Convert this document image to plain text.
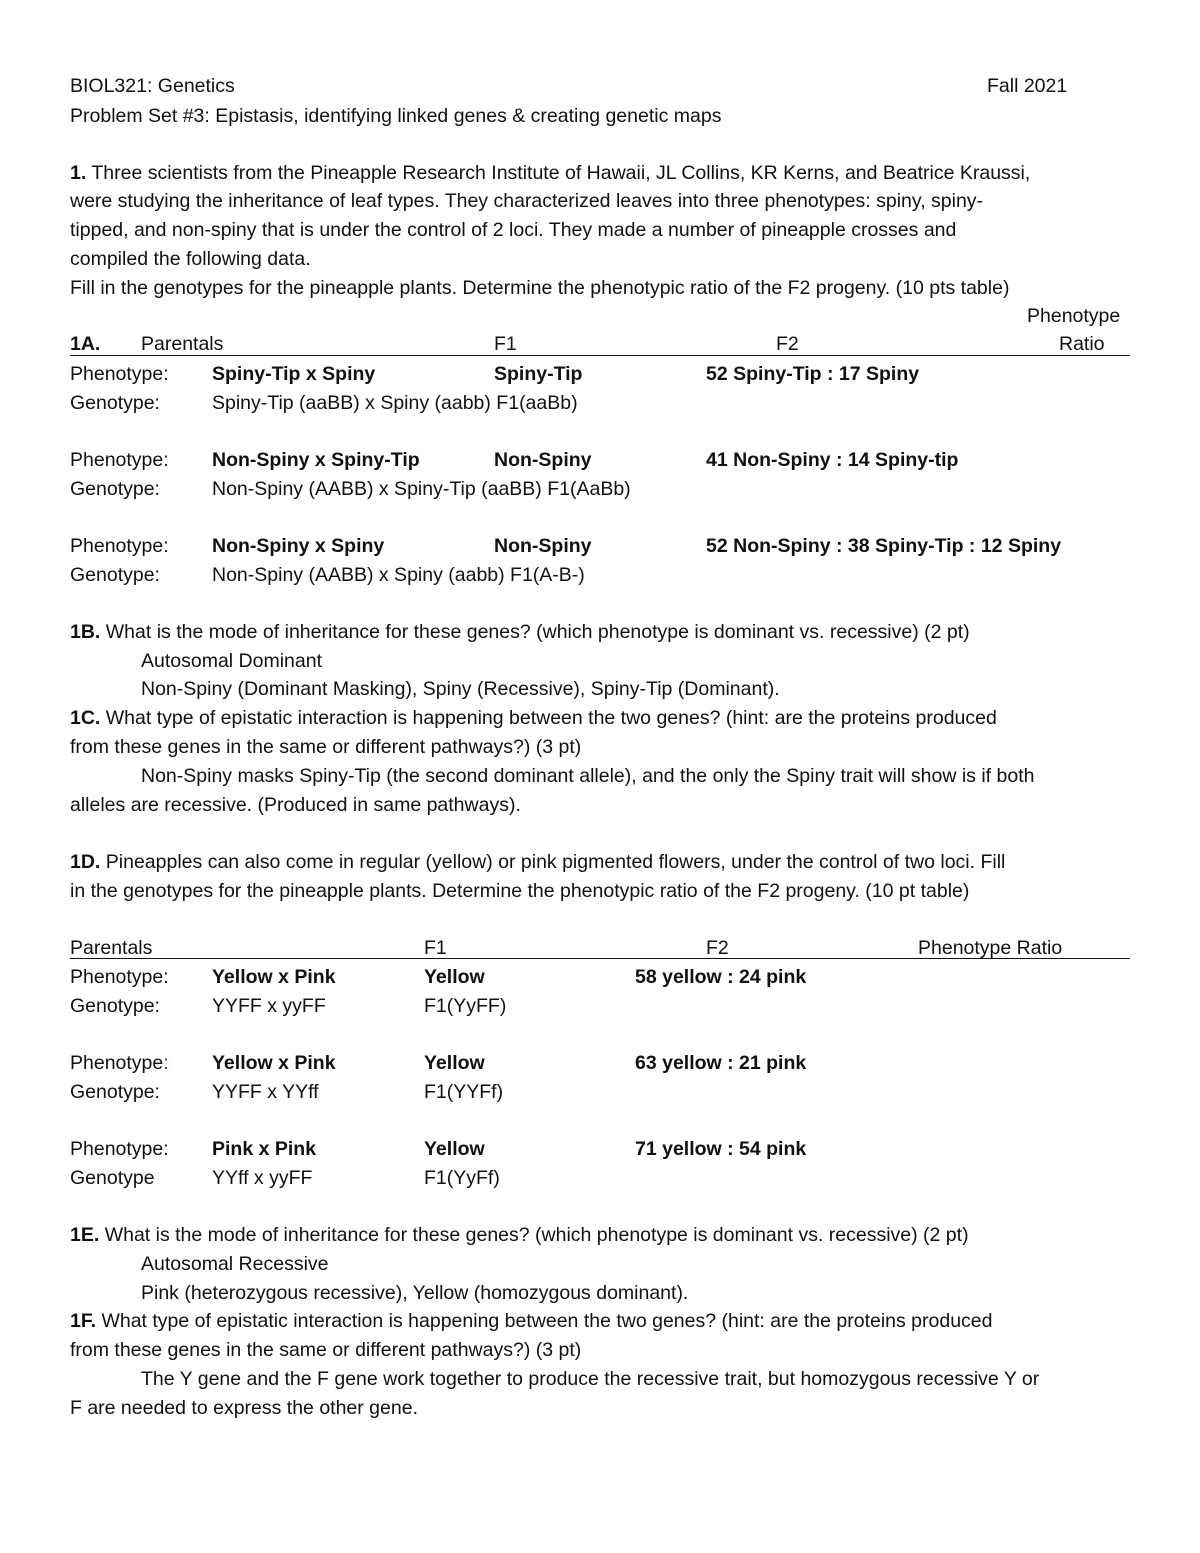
BIOL321: Genetics	Fall 2021
Problem Set #3: Epistasis, identifying linked genes & creating genetic maps
1. Three scientists from the Pineapple Research Institute of Hawaii, JL Collins, KR Kerns, and Beatrice Kraussi,
were studying the inheritance of leaf types. They characterized leaves into three phenotypes: spiny, spiny-
tipped, and non-spiny that is under the control of 2 loci. They made a number of pineapple crosses and
compiled the following data.
Fill in the genotypes for the pineapple plants. Determine the phenotypic ratio of the F2 progeny. (10 pts table)
Phenotype
1A. Parentals	F1	F2	Ratio
Phenotype: Spiny-Tip x Spiny	Spiny-Tip	52 Spiny-Tip : 17 Spiny
Genotype:	Spiny-Tip (aaBB) x Spiny (aabb) F1(aaBb)
Phenotype: Non-Spiny x Spiny-Tip	Non-Spiny	41 Non-Spiny : 14 Spiny-tip
Genotype:	Non-Spiny (AABB) x Spiny-Tip (aaBB) F1(AaBb)
Phenotype: Non-Spiny x Spiny	Non-Spiny	52 Non-Spiny : 38 Spiny-Tip : 12 Spiny
Genotype:	Non-Spiny (AABB) x Spiny (aabb) F1(A-B-)
1B. What is the mode of inheritance for these genes? (which phenotype is dominant vs. recessive) (2 pt)
Autosomal Dominant
Non-Spiny (Dominant Masking), Spiny (Recessive), Spiny-Tip (Dominant).
1C. What type of epistatic interaction is happening between the two genes? (hint: are the proteins produced
from these genes in the same or different pathways?) (3 pt)
Non-Spiny masks Spiny-Tip (the second dominant allele), and the only the Spiny trait will show is if both
alleles are recessive. (Produced in same pathways).
1D. Pineapples can also come in regular (yellow) or pink pigmented flowers, under the control of two loci. Fill
in the genotypes for the pineapple plants. Determine the phenotypic ratio of the F2 progeny. (10 pt table)
Parentals	F1	F2	Phenotype Ratio
Phenotype: Yellow x Pink	Yellow	58 yellow : 24 pink
Genotype:	YYFF x yyFF	F1(YyFF)
Phenotype: Yellow x Pink	Yellow	63 yellow : 21 pink
Genotype:	YYFF x YYff	F1(YYFf)
Phenotype: Pink x Pink	Yellow	71 yellow : 54 pink
Genotype	YYff x yyFF	F1(YyFf)
1E. What is the mode of inheritance for these genes? (which phenotype is dominant vs. recessive) (2 pt)
Autosomal Recessive
Pink (heterozygous recessive), Yellow (homozygous dominant).
1F. What type of epistatic interaction is happening between the two genes? (hint: are the proteins produced
from these genes in the same or different pathways?) (3 pt)
The Y gene and the F gene work together to produce the recessive trait, but homozygous recessive Y or
F are needed to express the other gene.
